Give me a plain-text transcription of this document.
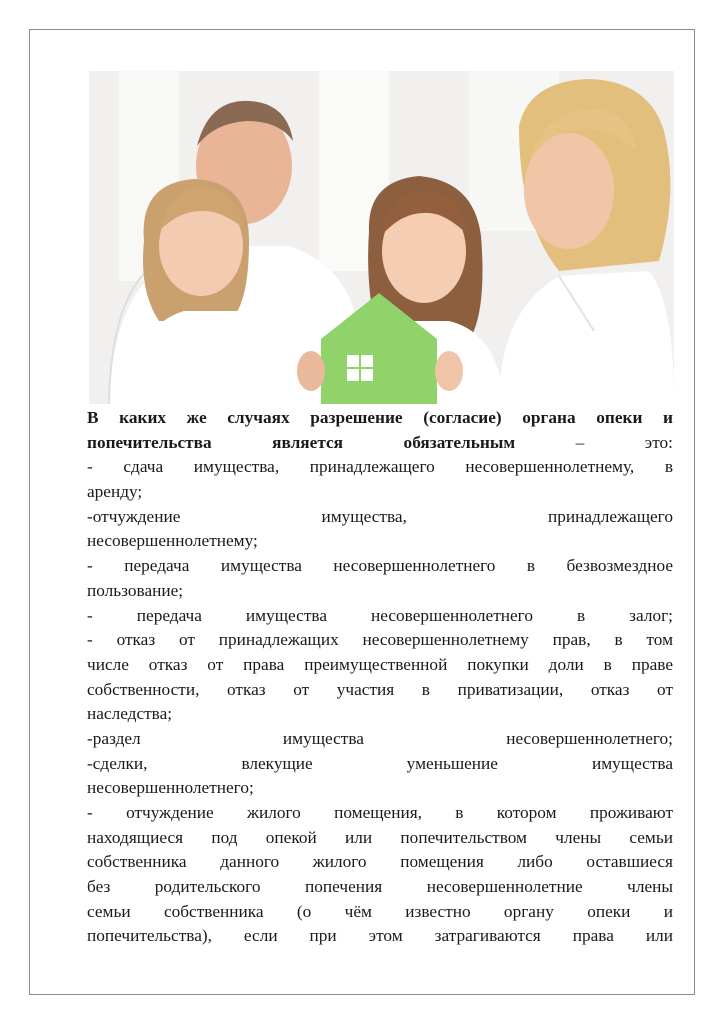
В каких же случаях разрешение (согласие) органа опеки и
попечительства является обязательным	– это:
- сдача имущества, принадлежащего несовершеннолетнему, в
аренду;
-отчуждение имущества, принадлежащего
несовершеннолетнему;
- передача имущества несовершеннолетнего в безвозмездное
пользование;
- передача имущества несовершеннолетнего в залог;
- отказ от принадлежащих несовершеннолетнему прав, в том
числе отказ от права преимущественной покупки доли в праве
собственности, отказ от участия в приватизации, отказ от
наследства;
-раздел имущества несовершеннолетнего;
-сделки, влекущие уменьшение имущества
несовершеннолетнего;
- отчуждение жилого помещения, в котором проживают
находящиеся под опекой или попечительством члены семьи
собственника данного жилого помещения либо оставшиеся
без родительского попечения несовершеннолетние члены
семьи собственника (о чём известно органу опеки и
попечительства), если при этом затрагиваются права или
